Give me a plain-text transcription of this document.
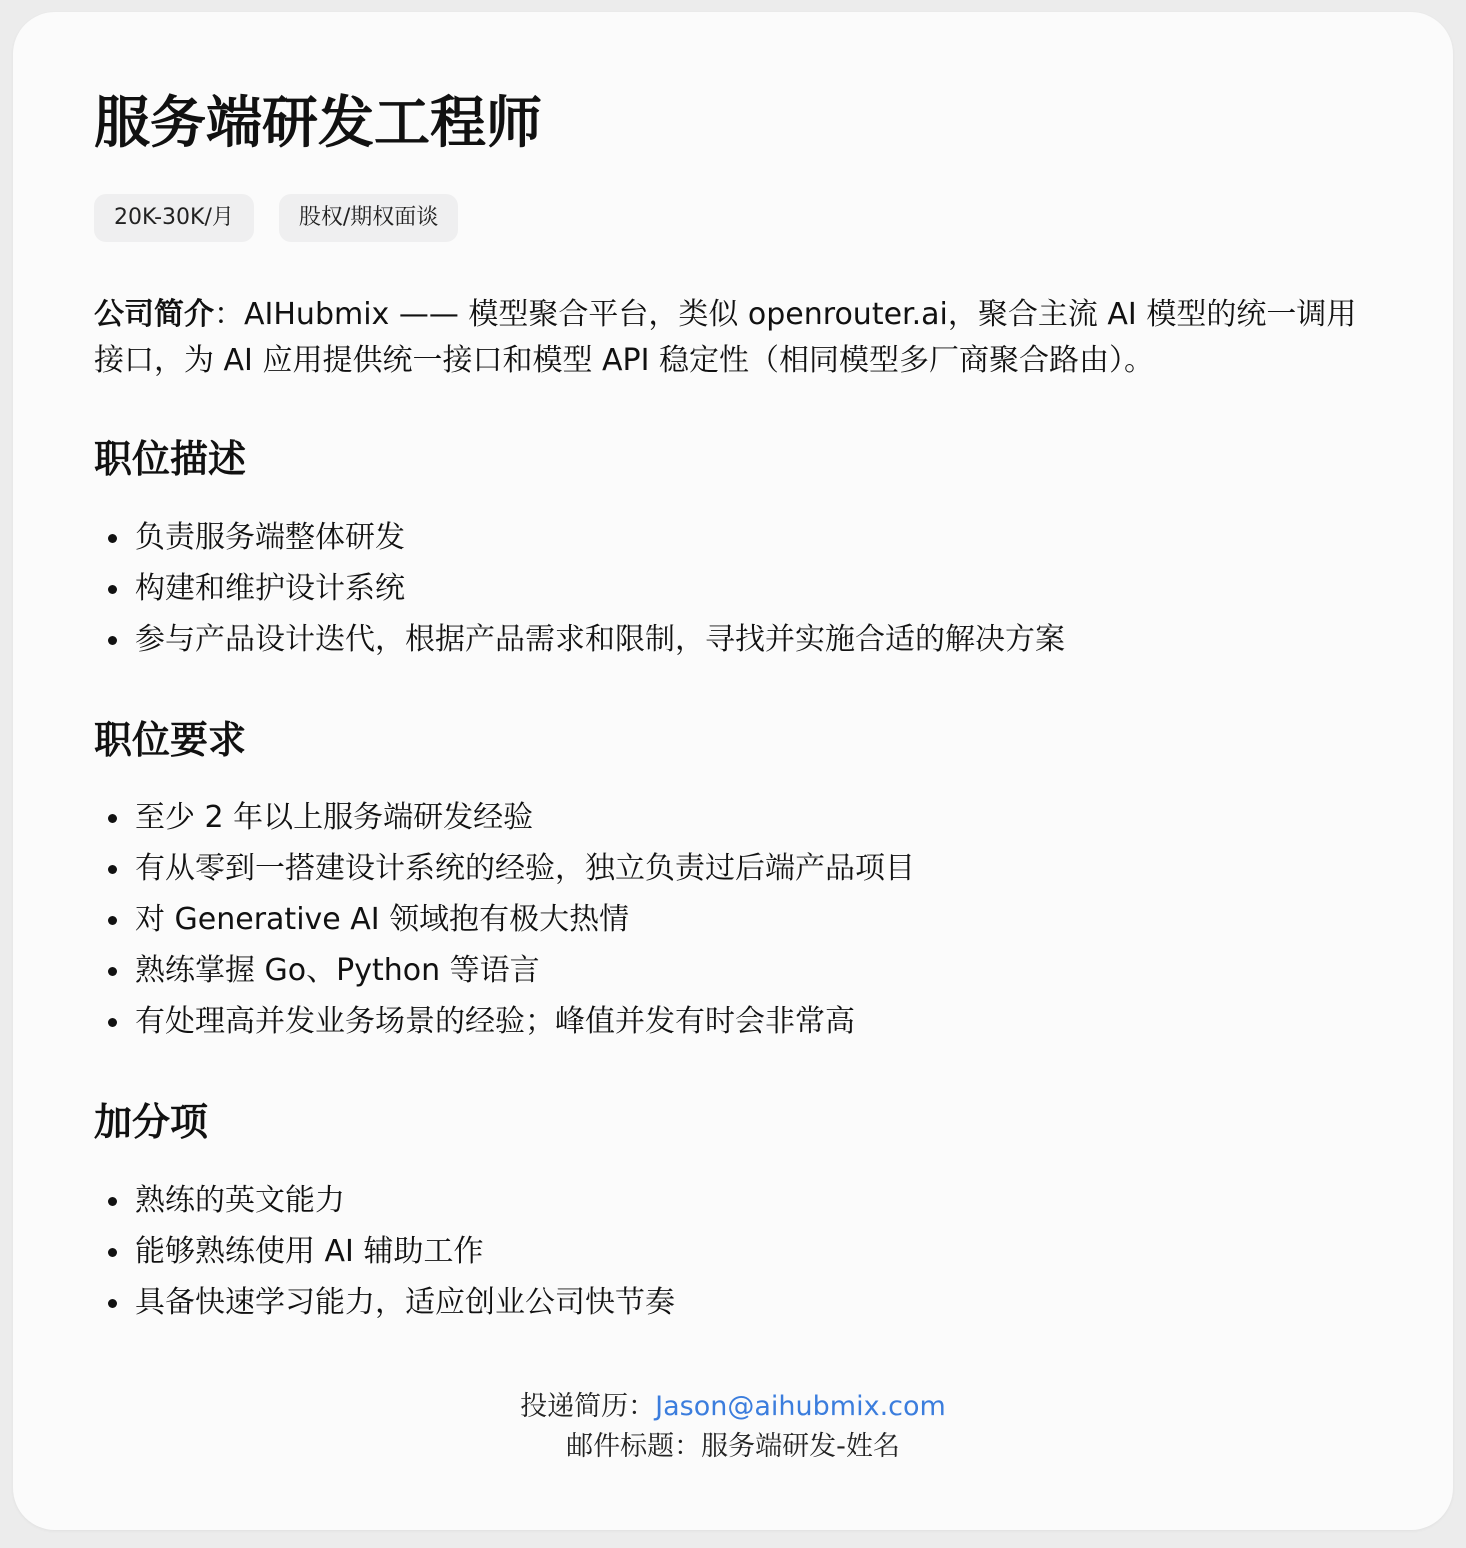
服务端研发工程师
20K-30K/月	股权/期权面谈

公司简介：AIHubmix —— 模型聚合平台，类似 openrouter.ai，聚合主流 AI 模型的统一调用接口，为 AI 应用提供统一接口和模型 API 稳定性（相同模型多厂商聚合路由）。

职位描述
负责服务端整体研发
构建和维护设计系统
参与产品设计迭代，根据产品需求和限制，寻找并实施合适的解决方案
职位要求
至少 2 年以上服务端研发经验
有从零到一搭建设计系统的经验，独立负责过后端产品项目
对 Generative AI 领域抱有极大热情
熟练掌握 Go、Python 等语言
有处理高并发业务场景的经验；峰值并发有时会非常高
加分项
熟练的英文能力
能够熟练使用 AI 辅助工作
具备快速学习能力，适应创业公司快节奏
投递简历：Jason@aihubmix.com
邮件标题：服务端研发-姓名
